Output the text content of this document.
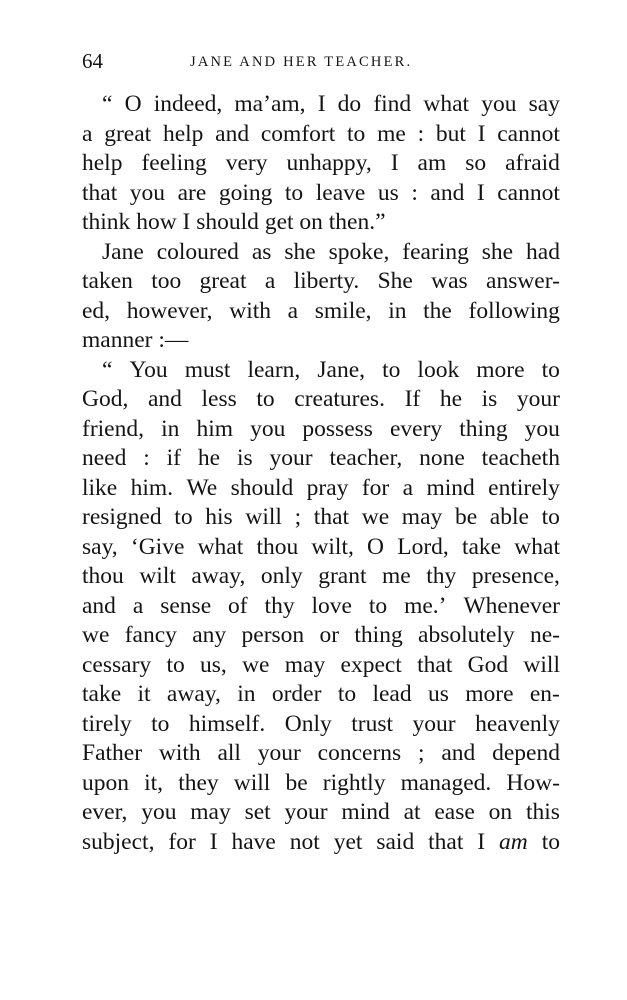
64	JANE AND HER TEACHER.
“ O indeed, ma’am, I do find what you say
a great help and comfort to me : but I cannot
help feeling very unhappy, I am so afraid
that you are going to leave us : and I cannot
think
how
I
should
get
on
then.”
Jane coloured as she spoke, fearing she had
taken too great a liberty. She was answer-
ed, however, with a smile, in the following
manner
:—
“ You must learn, Jane, to look more to
God, and less to creatures. If he is your
friend, in him you possess every thing you
need : if he is your teacher, none teacheth
like him. We should pray for a mind entirely
resigned to his will ; that we may be able to
say, ‘Give what thou wilt, O Lord, take what
thou wilt away, only grant me thy presence,
and a sense of thy love to me.’ Whenever
we fancy any person or thing absolutely ne-
cessary to us, we may expect that God will
take it away, in order to lead us more en-
tirely to himself. Only trust your heavenly
Father with all your concerns ; and depend
upon it, they will be rightly managed. How-
ever, you may set your mind at ease on this
subject, for I have not yet said that I am to
